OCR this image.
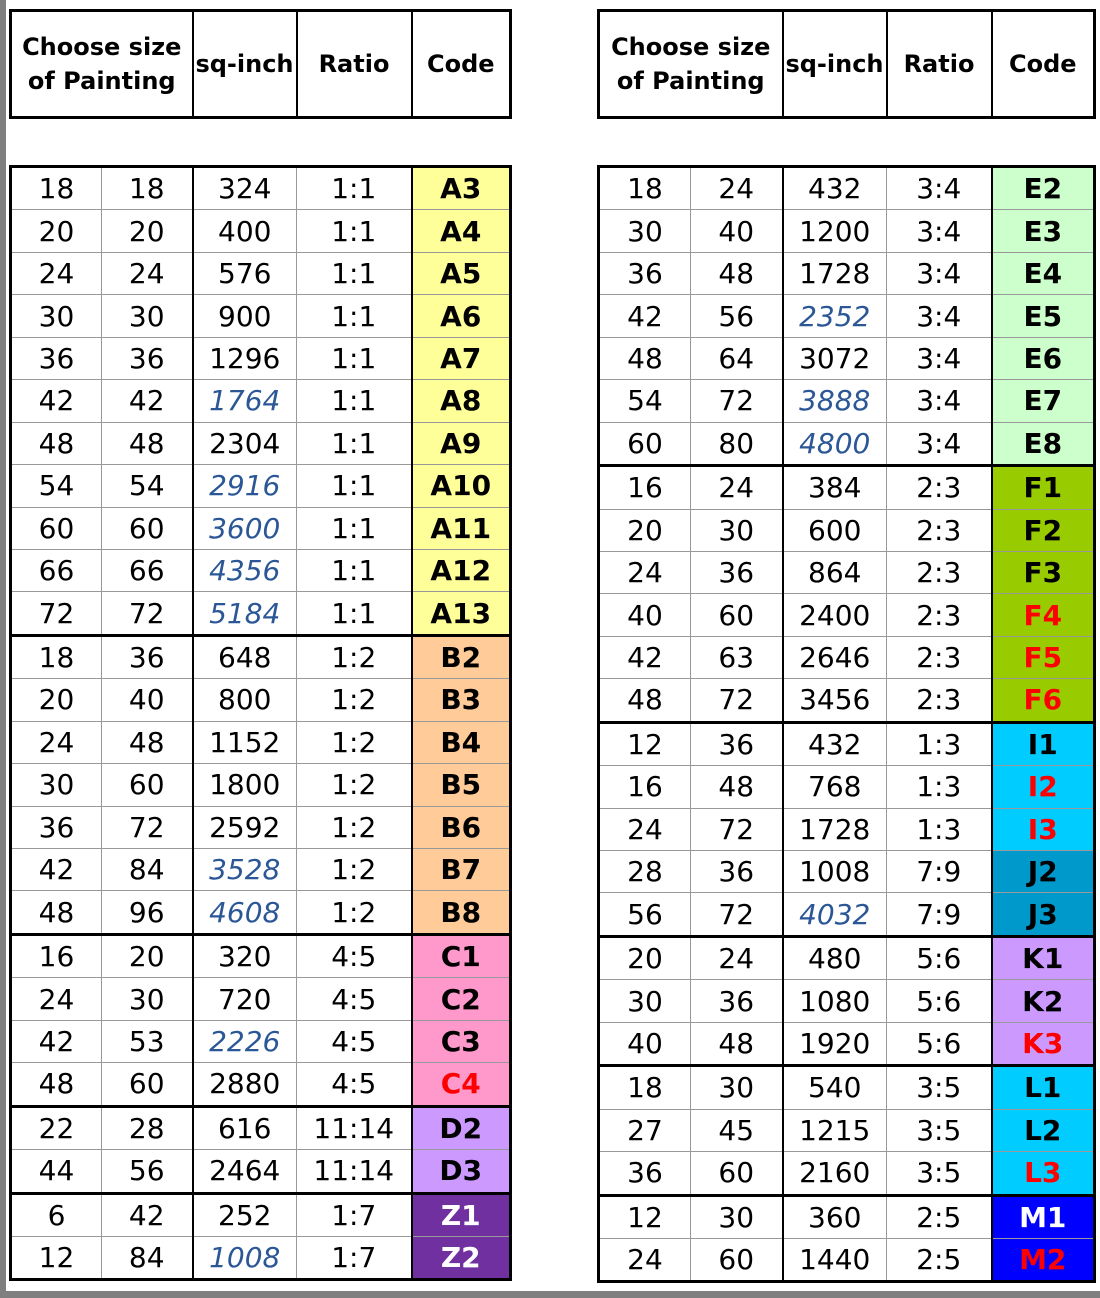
Choose size of Painting	sq-inch	Ratio	Code
Choose size of Painting	sq-inch	Ratio	Code
18	18	324	1:1	A3
20	20	400	1:1	A4
24	24	576	1:1	A5
30	30	900	1:1	A6
36	36	1296	1:1	A7
42	42	1764	1:1	A8
48	48	2304	1:1	A9
54	54	2916	1:1	A10
60	60	3600	1:1	A11
66	66	4356	1:1	A12
72	72	5184	1:1	A13
18	36	648	1:2	B2
20	40	800	1:2	B3
24	48	1152	1:2	B4
30	60	1800	1:2	B5
36	72	2592	1:2	B6
42	84	3528	1:2	B7
48	96	4608	1:2	B8
16	20	320	4:5	C1
24	30	720	4:5	C2
42	53	2226	4:5	C3
48	60	2880	4:5	C4
22	28	616	11:14	D2
44	56	2464	11:14	D3
6	42	252	1:7	Z1
12	84	1008	1:7	Z2
18	24	432	3:4	E2
30	40	1200	3:4	E3
36	48	1728	3:4	E4
42	56	2352	3:4	E5
48	64	3072	3:4	E6
54	72	3888	3:4	E7
60	80	4800	3:4	E8
16	24	384	2:3	F1
20	30	600	2:3	F2
24	36	864	2:3	F3
40	60	2400	2:3	F4
42	63	2646	2:3	F5
48	72	3456	2:3	F6
12	36	432	1:3	I1
16	48	768	1:3	I2
24	72	1728	1:3	I3
28	36	1008	7:9	J2
56	72	4032	7:9	J3
20	24	480	5:6	K1
30	36	1080	5:6	K2
40	48	1920	5:6	K3
18	30	540	3:5	L1
27	45	1215	3:5	L2
36	60	2160	3:5	L3
12	30	360	2:5	M1
24	60	1440	2:5	M2
